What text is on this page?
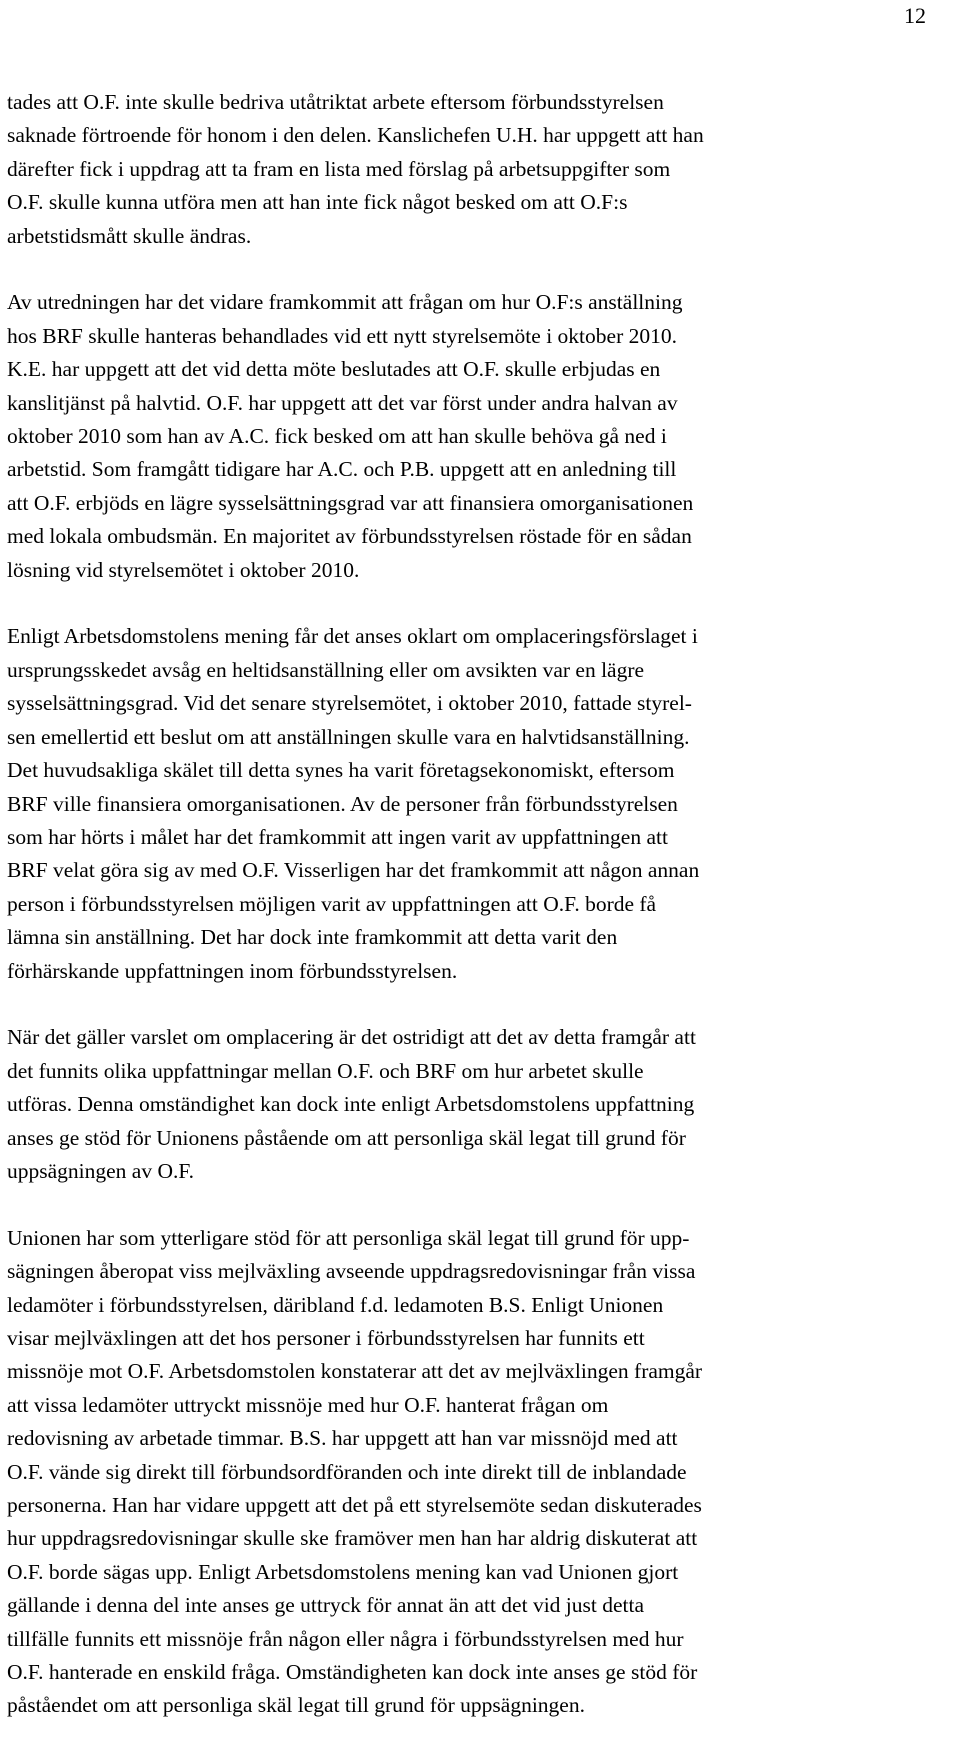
12

tades att O.F. inte skulle bedriva utåtriktat arbete eftersom förbundsstyrelsen
saknade förtroende för honom i den delen. Kanslichefen U.H. har uppgett att han
därefter fick i uppdrag att ta fram en lista med förslag på arbetsuppgifter som
O.F. skulle kunna utföra men att han inte fick något besked om att O.F:s
arbetstidsmått skulle ändras.

Av utredningen har det vidare framkommit att frågan om hur O.F:s anställning
hos BRF skulle hanteras behandlades vid ett nytt styrelsemöte i oktober 2010.
K.E. har uppgett att det vid detta möte beslutades att O.F. skulle erbjudas en
kanslitjänst på halvtid. O.F. har uppgett att det var först under andra halvan av
oktober 2010 som han av A.C. fick besked om att han skulle behöva gå ned i
arbetstid. Som framgått tidigare har A.C. och P.B. uppgett att en anledning till
att O.F. erbjöds en lägre sysselsättningsgrad var att finansiera omorganisationen
med lokala ombudsmän. En majoritet av förbundsstyrelsen röstade för en sådan
lösning vid styrelsemötet i oktober 2010.

Enligt Arbetsdomstolens mening får det anses oklart om omplaceringsförslaget i
ursprungsskedet avsåg en heltidsanställning eller om avsikten var en lägre
sysselsättningsgrad. Vid det senare styrelsemötet, i oktober 2010, fattade styrel-
sen emellertid ett beslut om att anställningen skulle vara en halvtidsanställning.
Det huvudsakliga skälet till detta synes ha varit företagsekonomiskt, eftersom
BRF ville finansiera omorganisationen. Av de personer från förbundsstyrelsen
som har hörts i målet har det framkommit att ingen varit av uppfattningen att
BRF velat göra sig av med O.F. Visserligen har det framkommit att någon annan
person i förbundsstyrelsen möjligen varit av uppfattningen att O.F. borde få
lämna sin anställning. Det har dock inte framkommit att detta varit den
förhärskande uppfattningen inom förbundsstyrelsen.

När det gäller varslet om omplacering är det ostridigt att det av detta framgår att
det funnits olika uppfattningar mellan O.F. och BRF om hur arbetet skulle
utföras. Denna omständighet kan dock inte enligt Arbetsdomstolens uppfattning
anses ge stöd för Unionens påstående om att personliga skäl legat till grund för
uppsägningen av O.F.

Unionen har som ytterligare stöd för att personliga skäl legat till grund för upp-
sägningen åberopat viss mejlväxling avseende uppdragsredovisningar från vissa
ledamöter i förbundsstyrelsen, däribland f.d. ledamoten B.S. Enligt Unionen
visar mejlväxlingen att det hos personer i förbundsstyrelsen har funnits ett
missnöje mot O.F. Arbetsdomstolen konstaterar att det av mejlväxlingen framgår
att vissa ledamöter uttryckt missnöje med hur O.F. hanterat frågan om
redovisning av arbetade timmar. B.S. har uppgett att han var missnöjd med att
O.F. vände sig direkt till förbundsordföranden och inte direkt till de inblandade
personerna. Han har vidare uppgett att det på ett styrelsemöte sedan diskuterades
hur uppdragsredovisningar skulle ske framöver men han har aldrig diskuterat att
O.F. borde sägas upp. Enligt Arbetsdomstolens mening kan vad Unionen gjort
gällande i denna del inte anses ge uttryck för annat än att det vid just detta
tillfälle funnits ett missnöje från någon eller några i förbundsstyrelsen med hur
O.F. hanterade en enskild fråga. Omständigheten kan dock inte anses ge stöd för
påståendet om att personliga skäl legat till grund för uppsägningen.
